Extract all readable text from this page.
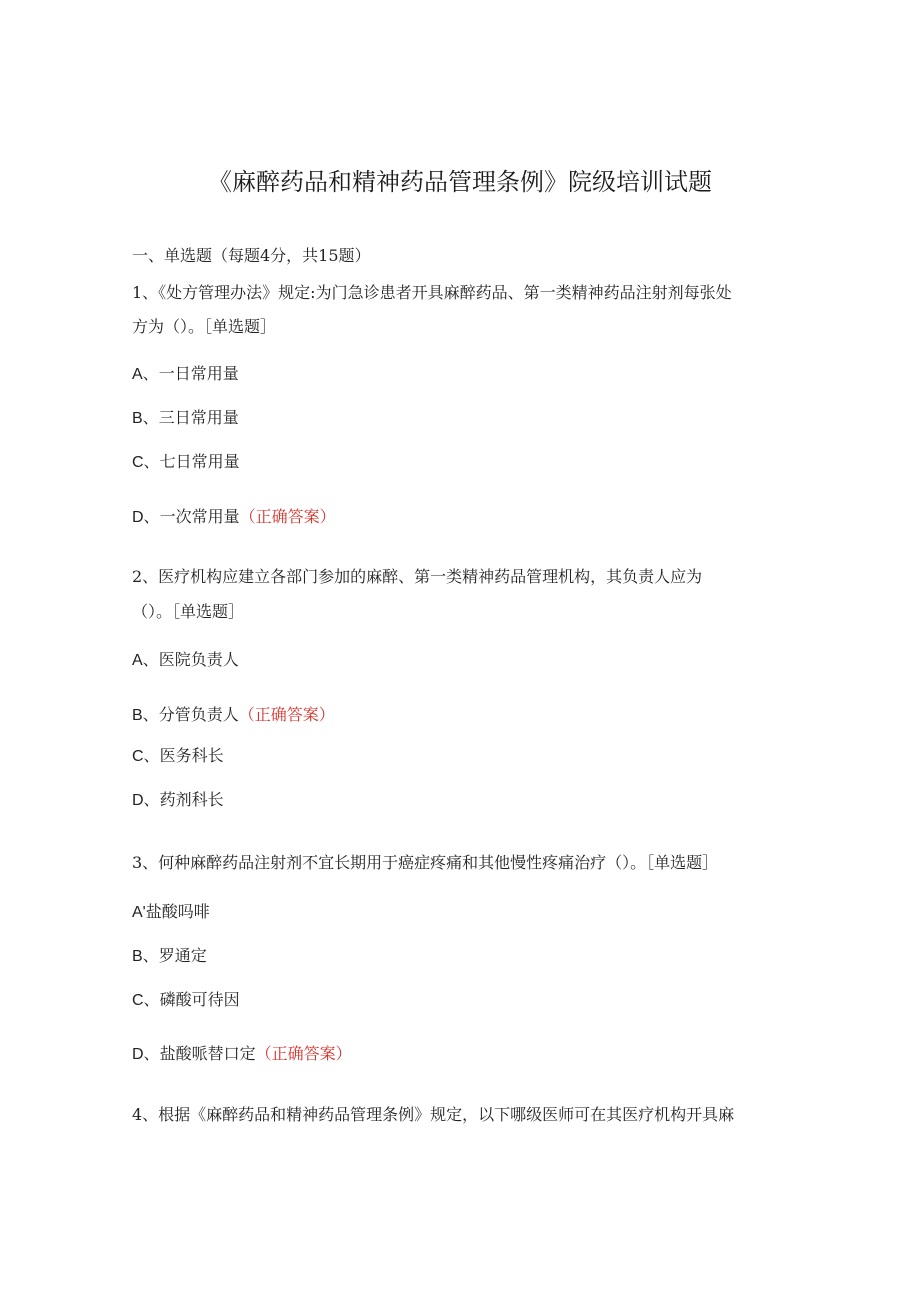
《麻醉药品和精神药品管理条例》院级培训试题
一、单选题（每题4分，共15题）
1、《处方管理办法》规定:为门急诊患者开具麻醉药品、第一类精神药品注射剂每张处
方为（）。［单选题］
A、一日常用量
B、三日常用量
C、七日常用量
D、一次常用量（正确答案）
2、医疗机构应建立各部门参加的麻醉、第一类精神药品管理机构，其负责人应为
（）。［单选题］
A、医院负责人
B、分管负责人（正确答案）
C、医务科长
D、药剂科长
3、何种麻醉药品注射剂不宜长期用于癌症疼痛和其他慢性疼痛治疗（）。［单选题］
A'盐酸吗啡
B、罗通定
C、磷酸可待因
D、盐酸哌替口定（正确答案）
4、根据《麻醉药品和精神药品管理条例》规定，以下哪级医师可在其医疗机构开具麻
